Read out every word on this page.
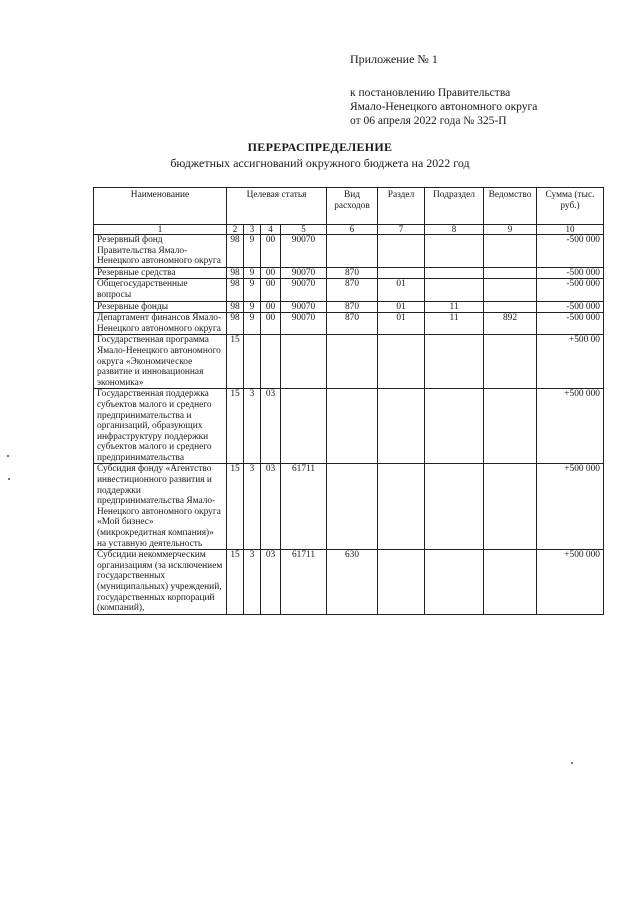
Приложение № 1
к постановлению Правительства
Ямало-Ненецкого автономного округа
от 06 апреля 2022 года № 325-П
ПЕРЕРАСПРЕДЕЛЕНИЕ
бюджетных ассигнований окружного бюджета на 2022 год
Наименование	Целевая статья				Вид расходов	Раздел	Подраздел	Ведомство	Сумма (тыс. руб.)
1	2	3	4	5	6	7	8	9	10
Резервный фонд Правительства Ямало-Ненецкого автономного округа	98	9	00	90070					-500 000
Резервные средства	98	9	00	90070	870				-500 000
Общегосударственные вопросы	98	9	00	90070	870	01			-500 000
Резервные фонды	98	9	00	90070	870	01	11		-500 000
Департамент финансов Ямало-Ненецкого автономного округа	98	9	00	90070	870	01	11	892	-500 000
Государственная программа Ямало-Ненецкого автономного округа «Экономическое развитие и инновационная экономика»	15								+500 00
Государственная поддержка субъектов малого и среднего предпринимательства и организаций, образующих инфраструктуру поддержки субъектов малого и среднего предпринимательства	15	3	03						+500 000
Субсидия фонду «Агентство инвестиционного развития и поддержки предпринимательства Ямало-Ненецкого автономного округа «Мой бизнес» (микрокредитная компания)» на уставную деятельность	15	3	03	61711					+500 000
Субсидии некоммерческим организациям (за исключением государственных (муниципальных) учреждений, государственных корпораций (компаний),	15	3	03	61711	630				+500 000
